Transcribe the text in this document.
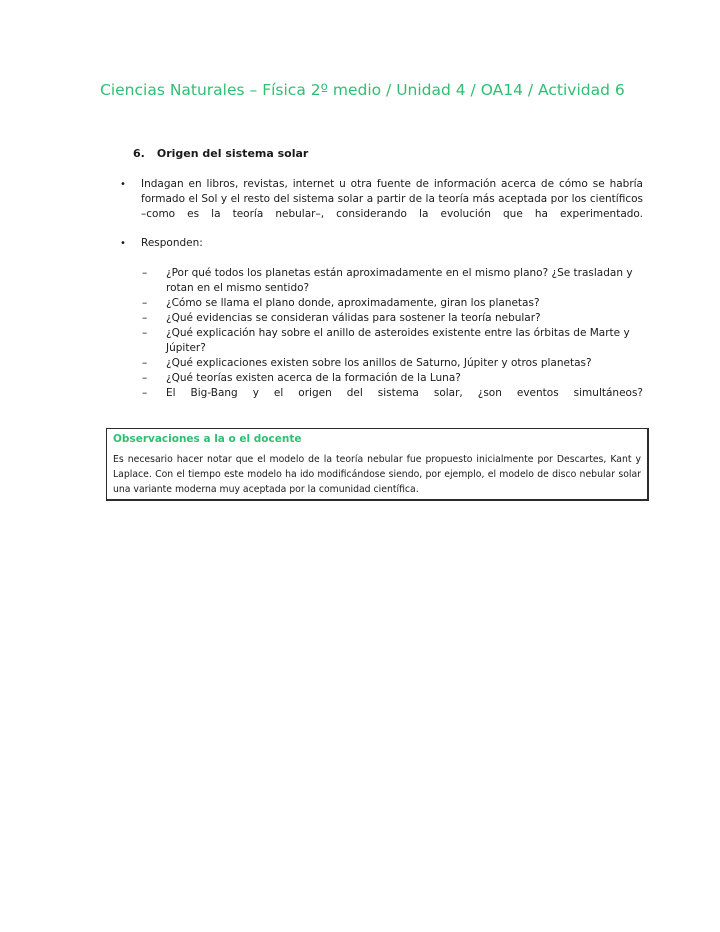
Ciencias Naturales – Física 2º medio / Unidad 4 / OA14 / Actividad 6
6. Origen del sistema solar
•	Indagan en libros, revistas, internet u otra fuente de información acerca de cómo se habría formado el Sol y el resto del sistema solar a partir de la teoría más aceptada por los científicos –como es la teoría nebular–, considerando la evolución que ha experimentado.
•	Responden:
– ¿Por qué todos los planetas están aproximadamente en el mismo plano? ¿Se trasladan y rotan en el mismo sentido?
– ¿Cómo se llama el plano donde, aproximadamente, giran los planetas?
– ¿Qué evidencias se consideran válidas para sostener la teoría nebular?
– ¿Qué explicación hay sobre el anillo de asteroides existente entre las órbitas de Marte y Júpiter?
– ¿Qué explicaciones existen sobre los anillos de Saturno, Júpiter y otros planetas?
– ¿Qué teorías existen acerca de la formación de la Luna?
– El Big-Bang y el origen del sistema solar, ¿son eventos simultáneos?
Observaciones a la o el docente
Es necesario hacer notar que el modelo de la teoría nebular fue propuesto inicialmente por Descartes, Kant y Laplace. Con el tiempo este modelo ha ido modificándose siendo, por ejemplo, el modelo de disco nebular solar una variante moderna muy aceptada por la comunidad científica.
